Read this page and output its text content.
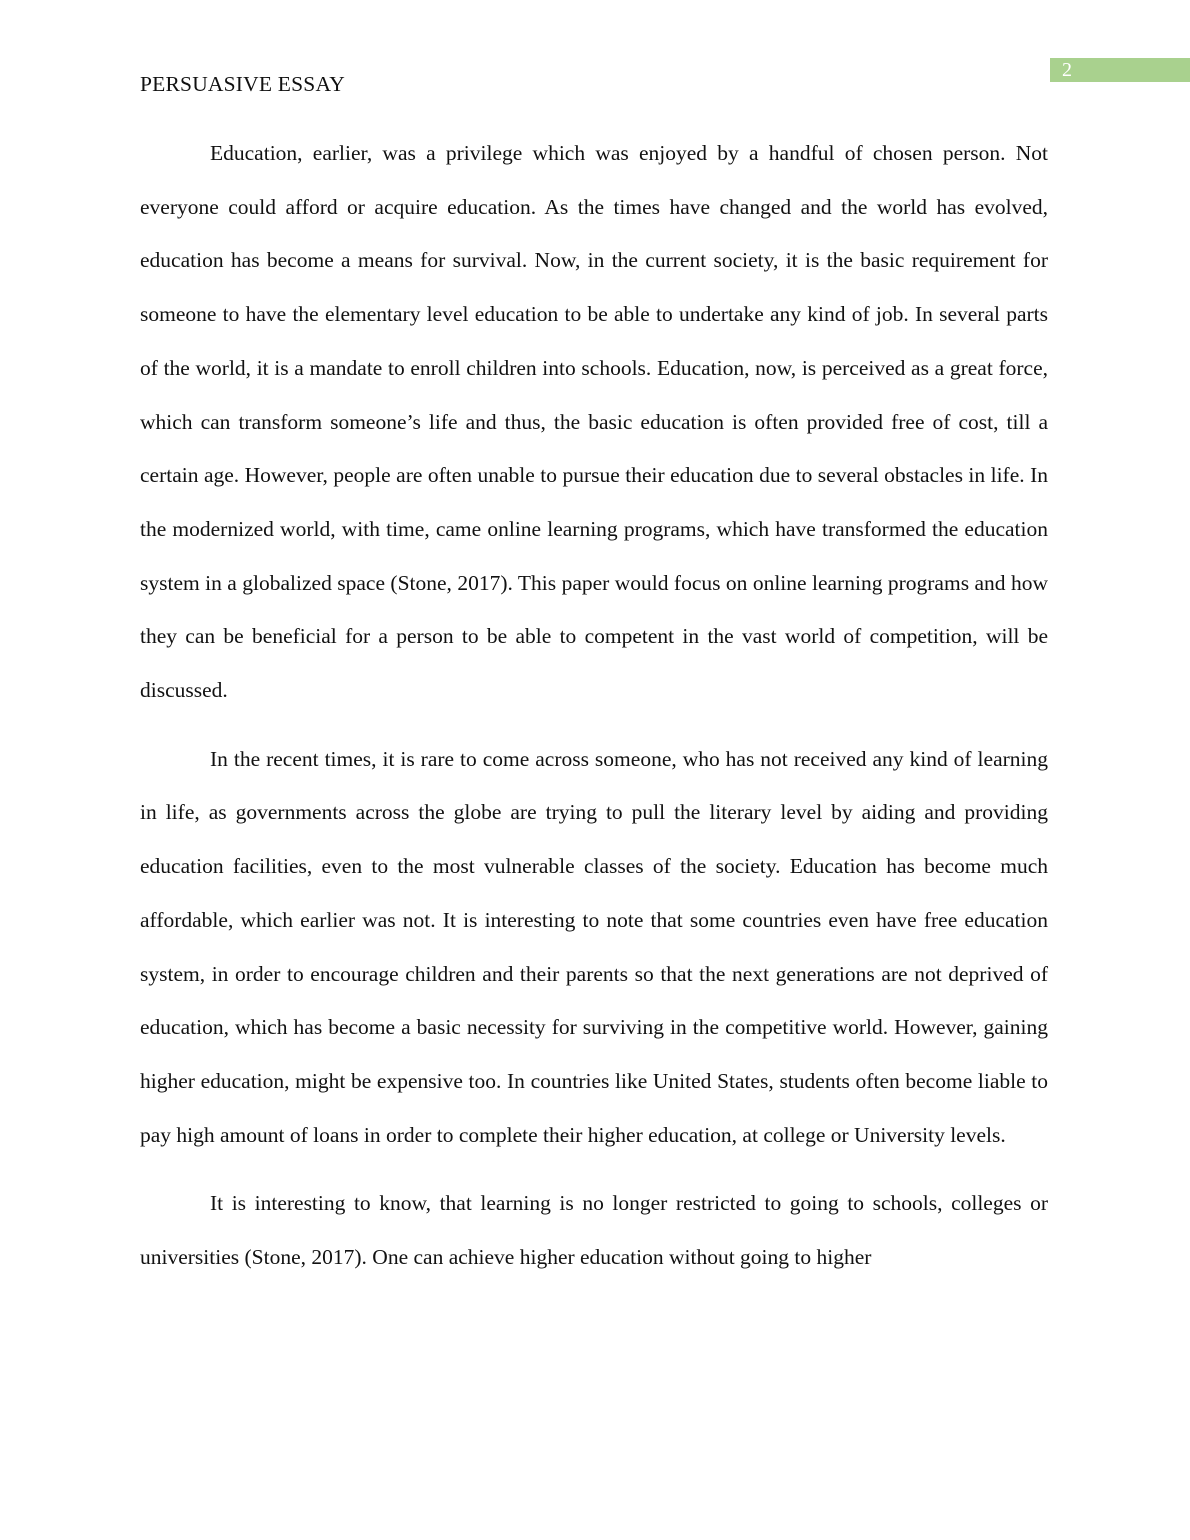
2
PERSUASIVE ESSAY

Education, earlier, was a privilege which was enjoyed by a handful of chosen person. Not everyone could afford or acquire education. As the times have changed and the world has evolved, education has become a means for survival. Now, in the current society, it is the basic requirement for someone to have the elementary level education to be able to undertake any kind of job. In several parts of the world, it is a mandate to enroll children into schools. Education, now, is perceived as a great force, which can transform someone’s life and thus, the basic education is often provided free of cost, till a certain age. However, people are often unable to pursue their education due to several obstacles in life. In the modernized world, with time, came online learning programs, which have transformed the education system in a globalized space (Stone, 2017). This paper would focus on online learning programs and how they can be beneficial for a person to be able to competent in the vast world of competition, will be discussed.

In the recent times, it is rare to come across someone, who has not received any kind of learning in life, as governments across the globe are trying to pull the literary level by aiding and providing education facilities, even to the most vulnerable classes of the society. Education has become much affordable, which earlier was not. It is interesting to note that some countries even have free education system, in order to encourage children and their parents so that the next generations are not deprived of education, which has become a basic necessity for surviving in the competitive world. However, gaining higher education, might be expensive too. In countries like United States, students often become liable to pay high amount of loans in order to complete their higher education, at college or University levels.

It is interesting to know, that learning is no longer restricted to going to schools, colleges or universities (Stone, 2017). One can achieve higher education without going to higher
